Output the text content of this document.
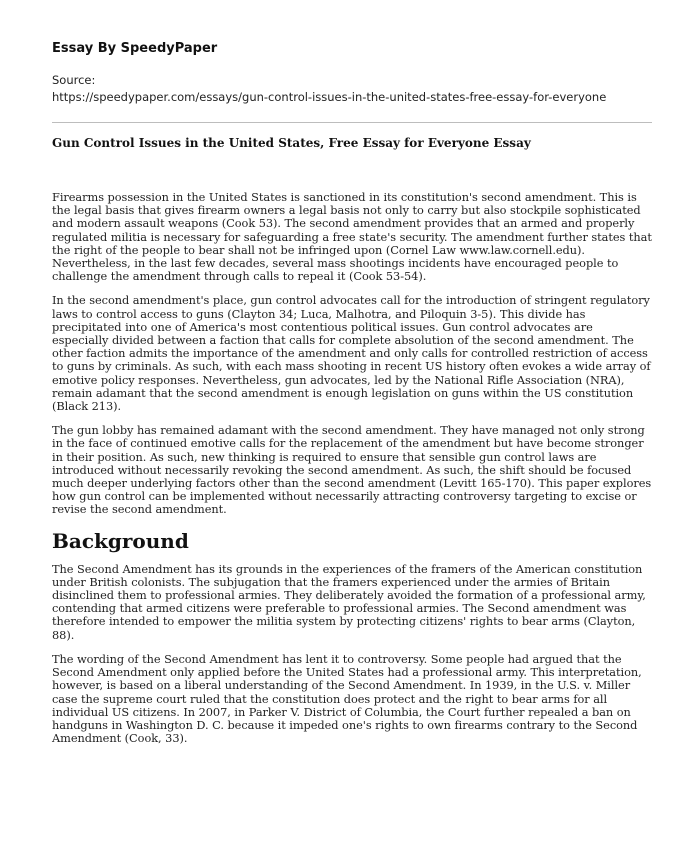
Essay By SpeedyPaper
Source:
https://speedypaper.com/essays/gun-control-issues-in-the-united-states-free-essay-for-everyone
Gun Control Issues in the United States, Free Essay for Everyone Essay

Firearms possession in the United States is sanctioned in its constitution's second amendment. This is the legal basis that gives firearm owners a legal basis not only to carry but also stockpile sophisticated and modern assault weapons (Cook 53). The second amendment provides that an armed and properly regulated militia is necessary for safeguarding a free state's security. The amendment further states that the right of the people to bear shall not be infringed upon (Cornel Law www.law.cornell.edu). Nevertheless, in the last few decades, several mass shootings incidents have encouraged people to challenge the amendment through calls to repeal it (Cook 53-54).

In the second amendment's place, gun control advocates call for the introduction of stringent regulatory laws to control access to guns (Clayton 34; Luca, Malhotra, and Piloquin 3-5). This divide has precipitated into one of America's most contentious political issues. Gun control advocates are especially divided between a faction that calls for complete absolution of the second amendment. The other faction admits the importance of the amendment and only calls for controlled restriction of access to guns by criminals. As such, with each mass shooting in recent US history often evokes a wide array of emotive policy responses. Nevertheless, gun advocates, led by the National Rifle Association (NRA), remain adamant that the second amendment is enough legislation on guns within the US constitution (Black 213).

The gun lobby has remained adamant with the second amendment. They have managed not only strong in the face of continued emotive calls for the replacement of the amendment but have become stronger in their position. As such, new thinking is required to ensure that sensible gun control laws are introduced without necessarily revoking the second amendment. As such, the shift should be focused much deeper underlying factors other than the second amendment (Levitt 165-170). This paper explores how gun control can be implemented without necessarily attracting controversy targeting to excise or revise the second amendment.

Background

The Second Amendment has its grounds in the experiences of the framers of the American constitution under British colonists. The subjugation that the framers experienced under the armies of Britain disinclined them to professional armies. They deliberately avoided the formation of a professional army, contending that armed citizens were preferable to professional armies. The Second amendment was therefore intended to empower the militia system by protecting citizens' rights to bear arms (Clayton, 88).

The wording of the Second Amendment has lent it to controversy. Some people had argued that the Second Amendment only applied before the United States had a professional army. This interpretation, however, is based on a liberal understanding of the Second Amendment. In 1939, in the U.S. v. Miller case the supreme court ruled that the constitution does protect and the right to bear arms for all individual US citizens. In 2007, in Parker V. District of Columbia, the Court further repealed a ban on handguns in Washington D. C. because it impeded one's rights to own firearms contrary to the Second Amendment (Cook, 33).
